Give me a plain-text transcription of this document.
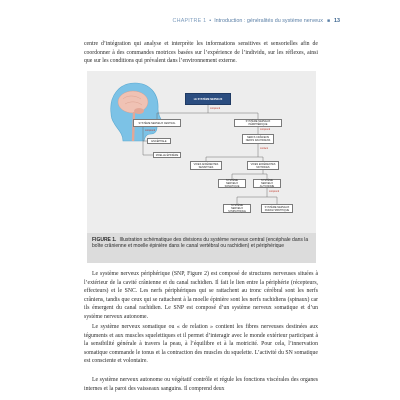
CHAPITRE 1 • Introduction : généralités du système nerveux ■ 13

centre d’intégration qui analyse et interprète les informations sensitives et sensorielles afin de coordonner à des commandes motrices basées sur l’expérience de l’individu, sur les réflexes, ainsi que sur les conditions qui prévalent dans l’environnement externe.

LE SYSTÈME NERVEUX
comprend
SYSTÈME NERVEUX CENTRAL	SYSTÈME NERVEUX PÉRIPHÉRIQUE
comprend
ENCÉPHALE
MOELLE ÉPINIÈRE
comprend
NERFS CRÂNIENS NERFS RACHIDIENS
contient
VOIES AFFÉRENTES SENSITIVES
VOIES EFFÉRENTES MOTRICES
SYSTÈME NERVEUX SOMATIQUE
SYSTÈME NERVEUX AUTONOME
comprend
SYSTÈME NERVEUX SYMPATHIQUE
SYSTÈME NERVEUX PARASYMPATHIQUE
FIGURE 1. Illustration schématique des divisions du système nerveux central (encéphale dans la boîte crânienne et moelle épinière dans le canal vertébral ou rachidien) et périphérique

Le système nerveux périphérique (SNP, Figure 2) est composé de structures nerveuses situées à l’extérieur de la cavité crânienne et du canal rachidien. Il fait le lien entre la périphérie (récepteurs, effecteurs) et le SNC. Les nerfs périphériques qui se rattachent au tronc cérébral sont les nerfs crâniens, tandis que ceux qui se rattachent à la moelle épinière sont les nerfs rachidiens (spinaux) car ils émergent du canal rachidien. Le SNP est composé d’un système nerveux somatique et d’un système nerveux autonome.

Le système nerveux somatique ou « de relation » contient les fibres nerveuses destinées aux téguments et aux muscles squelettiques et il permet d’interagir avec le monde extérieur participant à la sensibilité générale à travers la peau, à l’équilibre et à la motricité. Pour cela, l’innervation somatique commande le tonus et la contraction des muscles du squelette. L’activité du SN somatique est consciente et volontaire.

Le système nerveux autonome ou végétatif contrôle et régule les fonctions viscérales des organes internes et la paroi des vaisseaux sanguins. Il comprend deux
